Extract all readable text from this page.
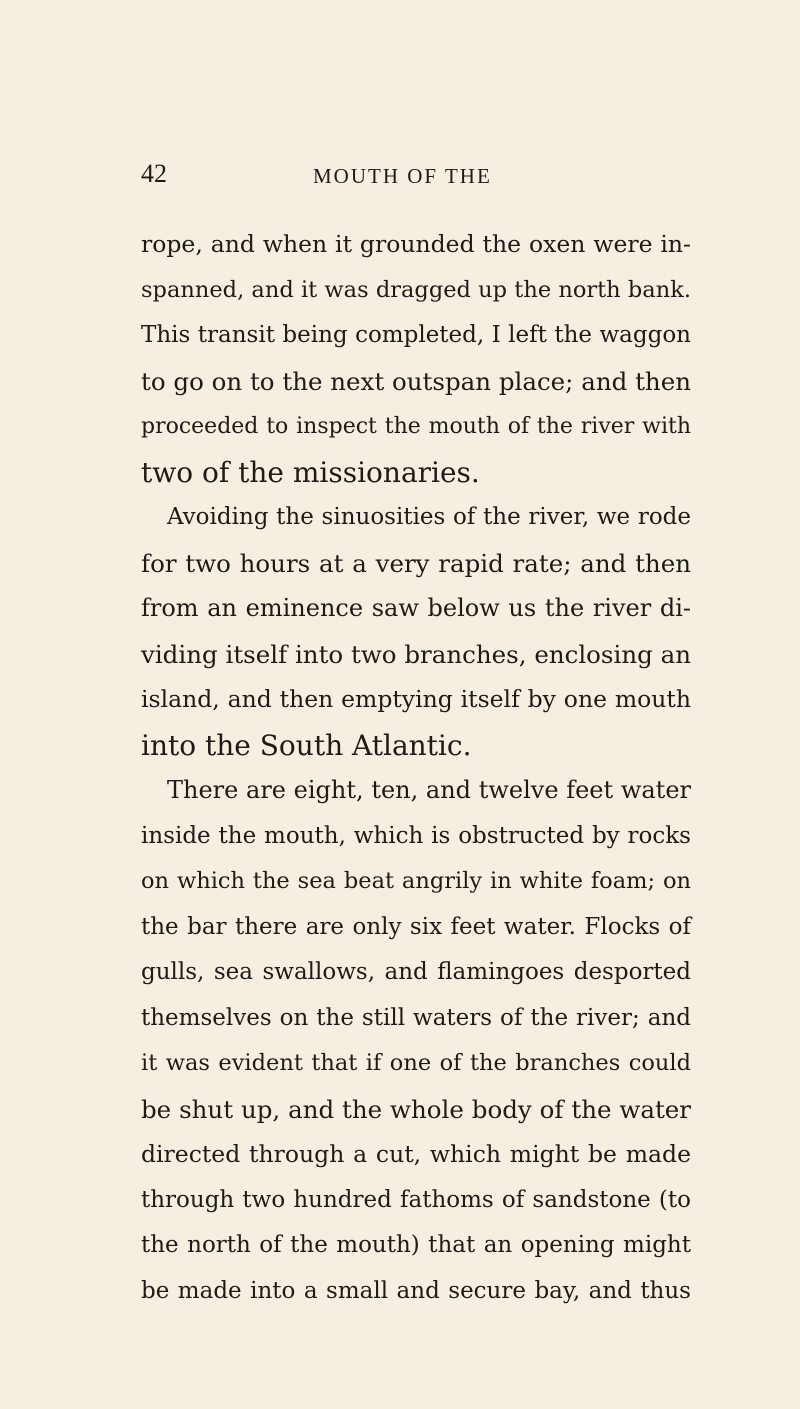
42	MOUTH OF THE
rope, and when it grounded the oxen were in-
spanned, and it was dragged up the north bank.
This transit being completed, I left the waggon
to go on to the next outspan place; and then
proceeded to inspect the mouth of the river with
two of the missionaries.
Avoiding the sinuosities of the river, we rode
for two hours at a very rapid rate; and then
from an eminence saw below us the river di-
viding itself into two branches, enclosing an
island, and then emptying itself by one mouth
into the South Atlantic.
There are eight, ten, and twelve feet water
inside the mouth, which is obstructed by rocks
on which the sea beat angrily in white foam; on
the bar there are only six feet water. Flocks of
gulls, sea swallows, and flamingoes desported
themselves on the still waters of the river; and
it was evident that if one of the branches could
be shut up, and the whole body of the water
directed through a cut, which might be made
through two hundred fathoms of sandstone (to
the north of the mouth) that an opening might
be made into a small and secure bay, and thus
